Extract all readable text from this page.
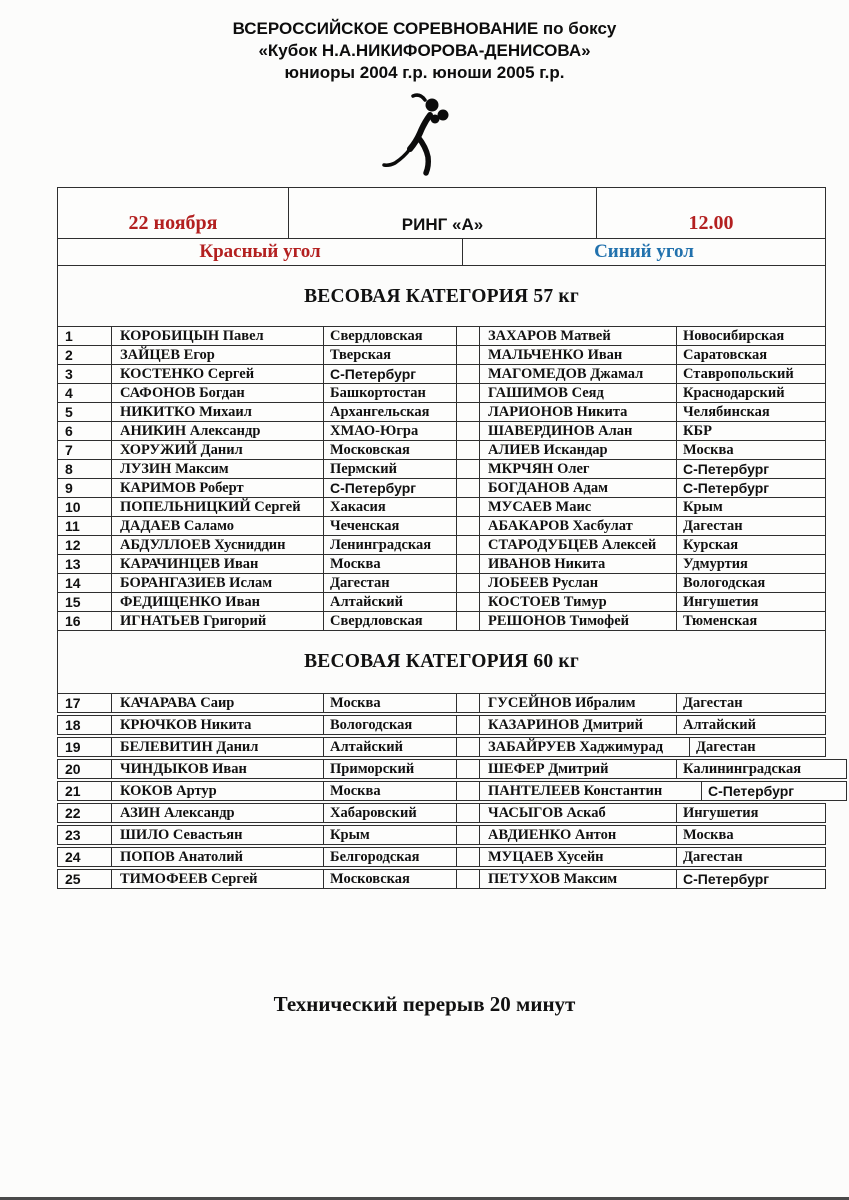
ВСЕРОССИЙСКОЕ СОРЕВНОВАНИЕ по боксу
«Кубок Н.А.НИКИФОРОВА-ДЕНИСОВА»
юниоры 2004 г.р. юноши 2005 г.р.
22 ноября	РИНГ «А»	12.00
Красный угол	Синий угол
ВЕСОВАЯ КАТЕГОРИЯ 57 кг
1	КОРОБИЦЫН Павел	Свердловская	ЗАХАРОВ Матвей	Новосибирская
2	ЗАЙЦЕВ Егор	Тверская	МАЛЬЧЕНКО Иван	Саратовская
3	КОСТЕНКО Сергей	С-Петербург	МАГОМЕДОВ Джамал	Ставропольский
4	САФОНОВ Богдан	Башкортостан	ГАШИМОВ Сеяд	Краснодарский
5	НИКИТКО Михаил	Архангельская	ЛАРИОНОВ Никита	Челябинская
6	АНИКИН Александр	ХМАО-Югра	ШАВЕРДИНОВ Алан	КБР
7	ХОРУЖИЙ Данил	Московская	АЛИЕВ Искандар	Москва
8	ЛУЗИН Максим	Пермский	МКРЧЯН Олег	С-Петербург
9	КАРИМОВ Роберт	С-Петербург	БОГДАНОВ Адам	С-Петербург
10	ПОПЕЛЬНИЦКИЙ Сергей	Хакасия	МУСАЕВ Маис	Крым
11	ДАДАЕВ Саламо	Чеченская	АБАКАРОВ Хасбулат	Дагестан
12	АБДУЛЛОЕВ Хусниддин	Ленинградская	СТАРОДУБЦЕВ Алексей	Курская
13	КАРАЧИНЦЕВ Иван	Москва	ИВАНОВ Никита	Удмуртия
14	БОРАНГАЗИЕВ Ислам	Дагестан	ЛОБЕЕВ Руслан	Вологодская
15	ФЕДИЩЕНКО Иван	Алтайский	КОСТОЕВ Тимур	Ингушетия
16	ИГНАТЬЕВ Григорий	Свердловская	РЕШОНОВ Тимофей	Тюменская
ВЕСОВАЯ КАТЕГОРИЯ 60 кг
17	КАЧАРАВА Саир	Москва	ГУСЕЙНОВ Ибралим	Дагестан
18	КРЮЧКОВ Никита	Вологодская	КАЗАРИНОВ Дмитрий	Алтайский
19	БЕЛЕВИТИН Данил	Алтайский	ЗАБАЙРУЕВ Хаджимурад	Дагестан
20	ЧИНДЫКОВ Иван	Приморский	ШЕФЕР Дмитрий	Калининградская
21	КОКОВ Артур	Москва	ПАНТЕЛЕЕВ Константин	С-Петербург
22	АЗИН Александр	Хабаровский	ЧАСЫГОВ Аскаб	Ингушетия
23	ШИЛО Севастьян	Крым	АВДИЕНКО Антон	Москва
24	ПОПОВ Анатолий	Белгородская	МУЦАЕВ Хусейн	Дагестан
25	ТИМОФЕЕВ Сергей	Московская	ПЕТУХОВ Максим	С-Петербург
Технический перерыв 20 минут
